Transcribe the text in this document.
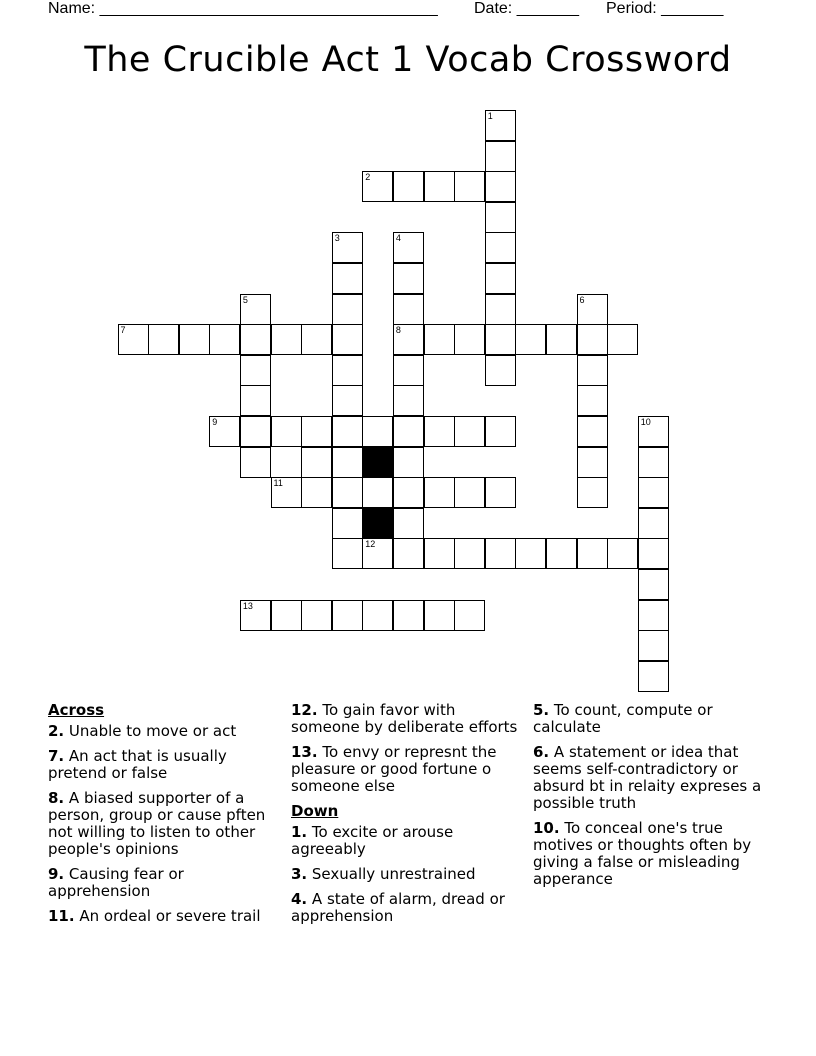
Name: ______________________________________ Date: _______ Period: _______
The Crucible Act 1 Vocab Crossword
1
2
3	4
8
5	6
7
9	10
11
12
13
Across
2. Unable to move or act
7. An act that is usually pretend or false
8. A biased supporter of a person, group or cause pften not willing to listen to other people's opinions
9. Causing fear or apprehension
11. An ordeal or severe trail
12. To gain favor with someone by deliberate efforts
13. To envy or represnt the pleasure or good fortune o someone else
Down
1. To excite or arouse agreeably
3. Sexually unrestrained
4. A state of alarm, dread or apprehension
5. To count, compute or calculate
6. A statement or idea that seems self-contradictory or absurd bt in relaity expreses a possible truth
10. To conceal one's true motives or thoughts often by giving a false or misleading apperance
